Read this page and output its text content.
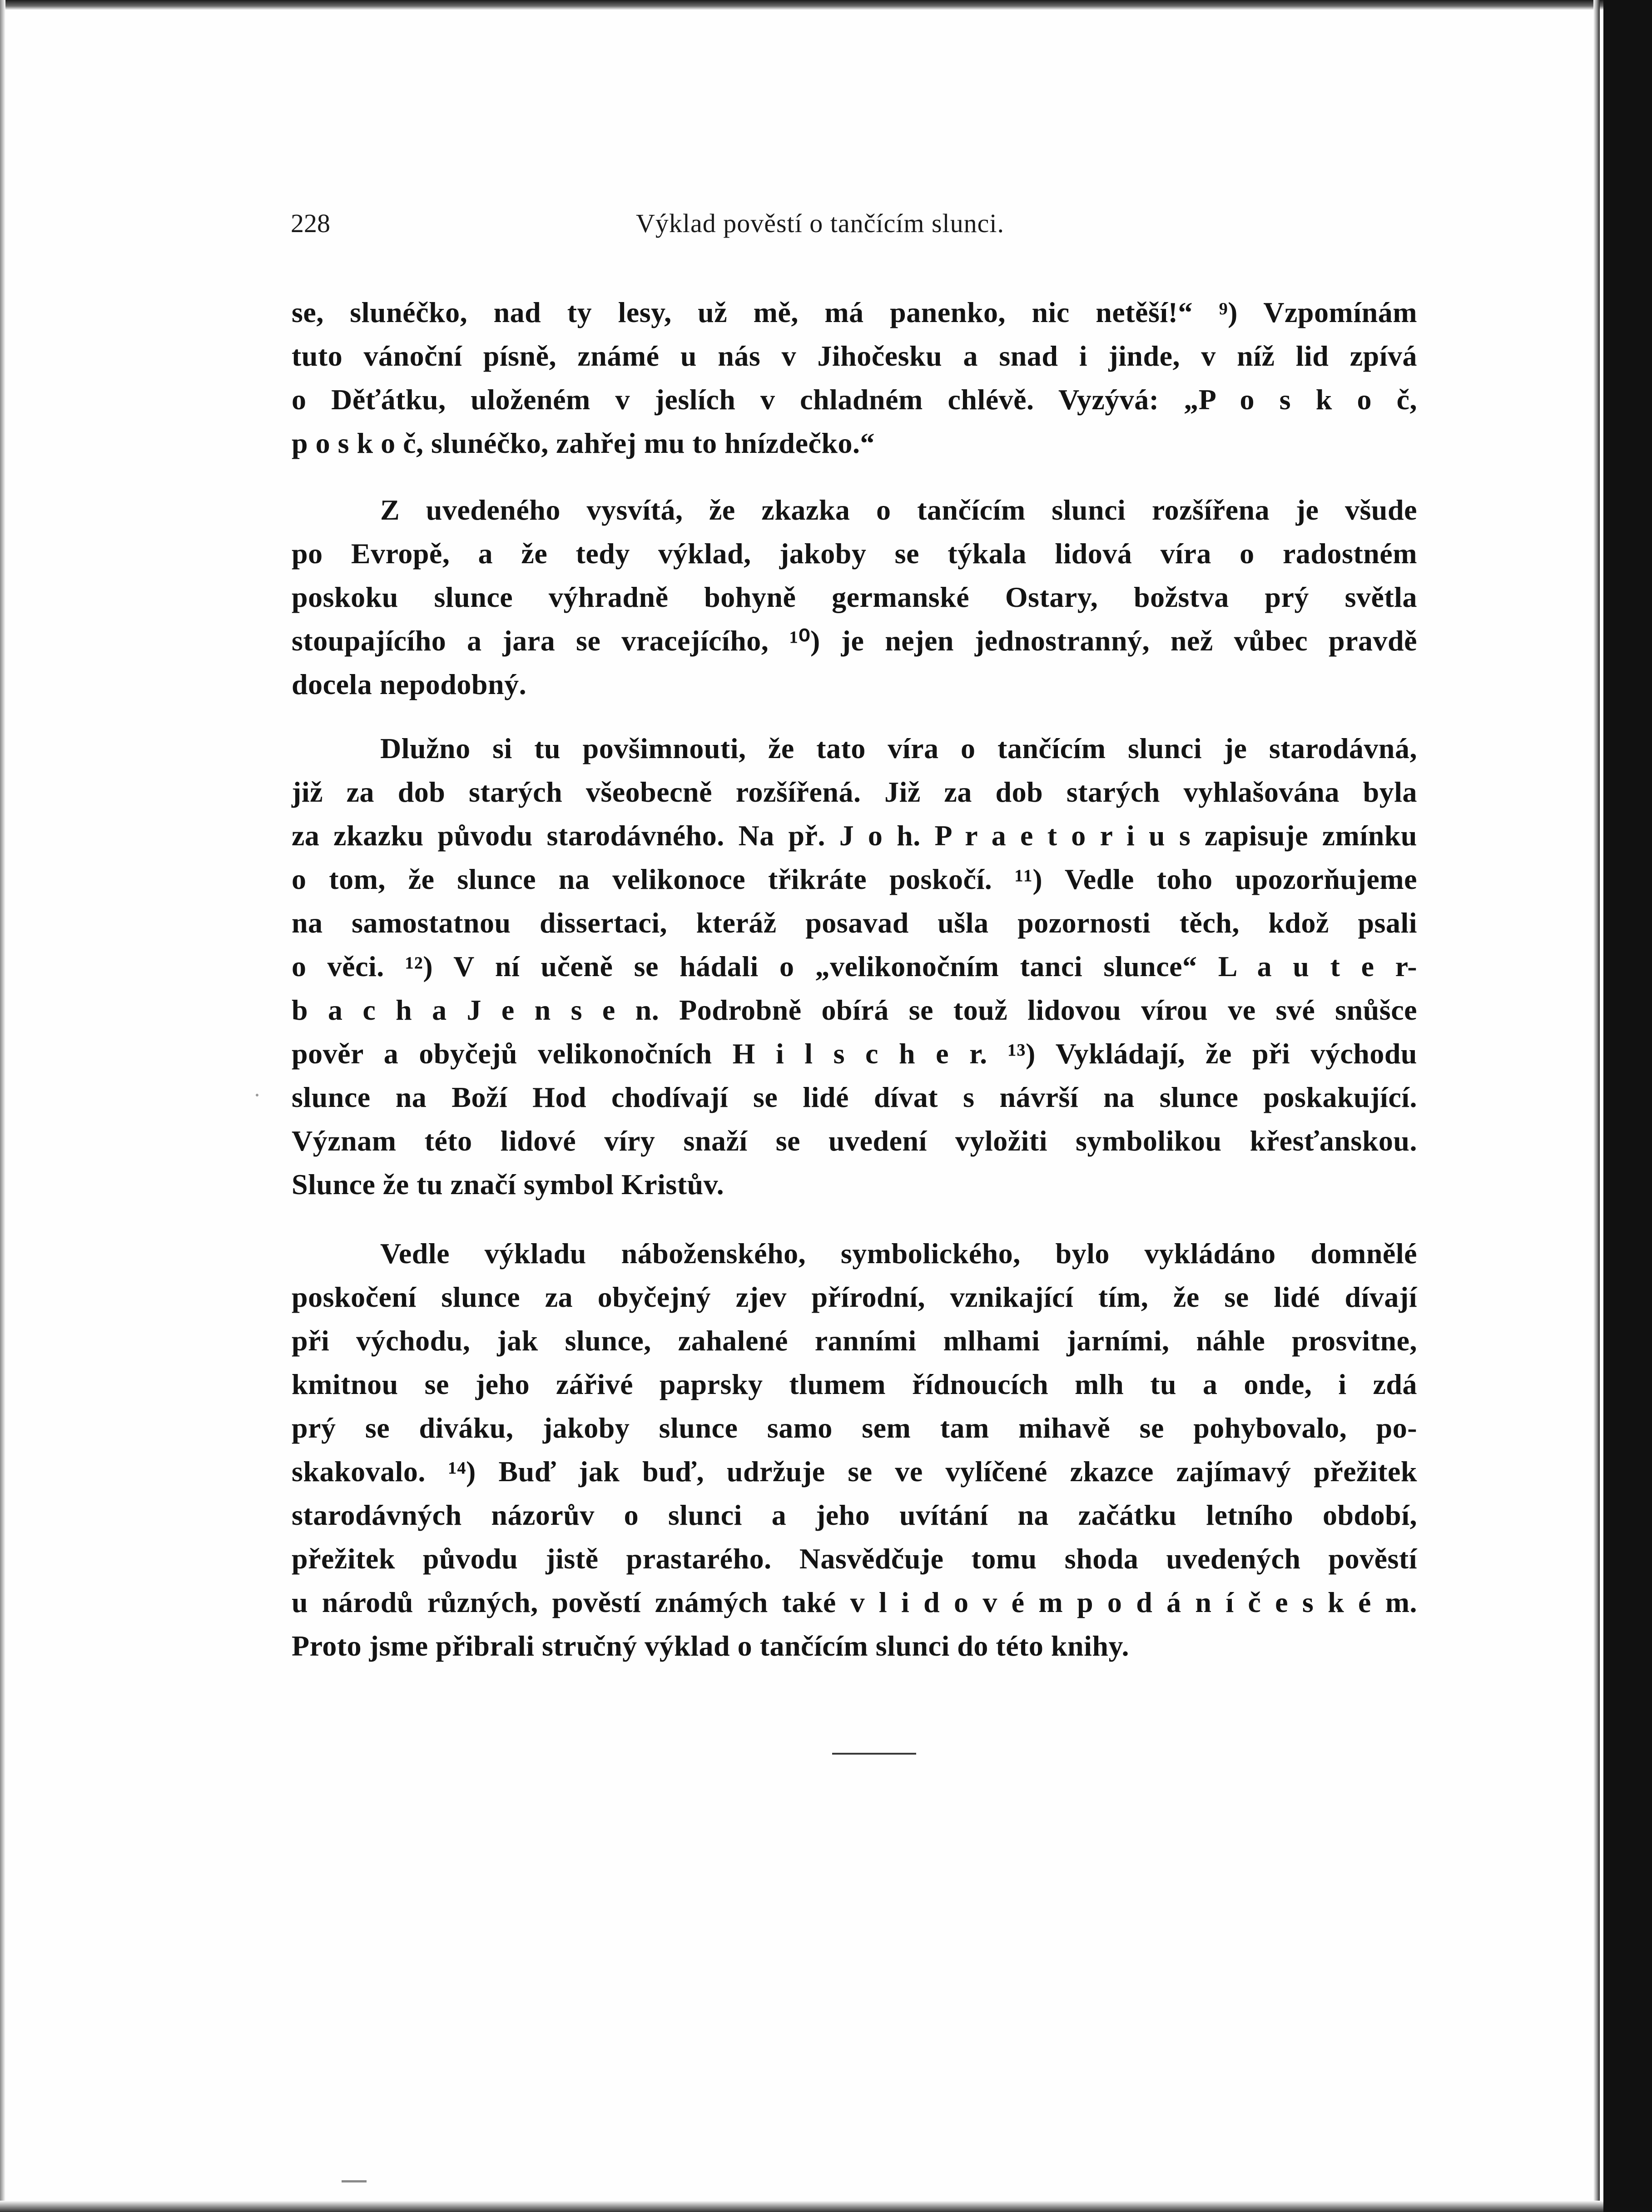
228	Výklad pověstí o tančícím slunci.
se, slunéčko, nad ty lesy, už mě, má panenko, nic netěší!“ ⁹) Vzpomínám
tuto vánoční písně, známé u nás v Jihočesku a snad i jinde, v níž lid zpívá
o Děťátku, uloženém v jeslích v chladném chlévě. Vyzývá: „P o s k o č,
p o s k o č, slunéčko, zahřej mu to hnízdečko.“
Z uvedeného vysvítá, že zkazka o tančícím slunci rozšířena je všude
po Evropě, a že tedy výklad, jakoby se týkala lidová víra o radostném
poskoku slunce výhradně bohyně germanské Ostary, božstva prý světla
stoupajícího a jara se vracejícího, ¹⁰) je nejen jednostranný, než vůbec pravdě
docela nepodobný.
Dlužno si tu povšimnouti, že tato víra o tančícím slunci je starodávná,
již za dob starých všeobecně rozšířená. Již za dob starých vyhlašována byla
za zkazku původu starodávného. Na př. J o h. P r a e t o r i u s zapisuje zmínku
o tom, že slunce na velikonoce třikráte poskočí. ¹¹) Vedle toho upozorňujeme
na samostatnou dissertaci, kteráž posavad ušla pozornosti těch, kdož psali
o věci. ¹²) V ní učeně se hádali o „velikonočním tanci slunce“ L a u t e r-
b a c h a J e n s e n. Podrobně obírá se touž lidovou vírou ve své snůšce
pověr a obyčejů velikonočních H i l s c h e r. ¹³) Vykládají, že při východu
slunce na Boží Hod chodívají se lidé dívat s návrší na slunce poskakující.
Význam této lidové víry snaží se uvedení vyložiti symbolikou křesťanskou.
Slunce že tu značí symbol Kristův.
Vedle výkladu náboženského, symbolického, bylo vykládáno domnělé
poskočení slunce za obyčejný zjev přírodní, vznikající tím, že se lidé dívají
při východu, jak slunce, zahalené ranními mlhami jarními, náhle prosvitne,
kmitnou se jeho zářivé paprsky tlumem řídnoucích mlh tu a onde, i zdá
prý se diváku, jakoby slunce samo sem tam mihavě se pohybovalo, po-
skakovalo. ¹⁴) Buď jak buď, udržuje se ve vylíčené zkazce zajímavý přežitek
starodávných názorův o slunci a jeho uvítání na začátku letního období,
přežitek původu jistě prastarého. Nasvědčuje tomu shoda uvedených pověstí
u národů různých, pověstí známých také v l i d o v é m p o d á n í č e s k é m.
Proto jsme přibrali stručný výklad o tančícím slunci do této knihy.
